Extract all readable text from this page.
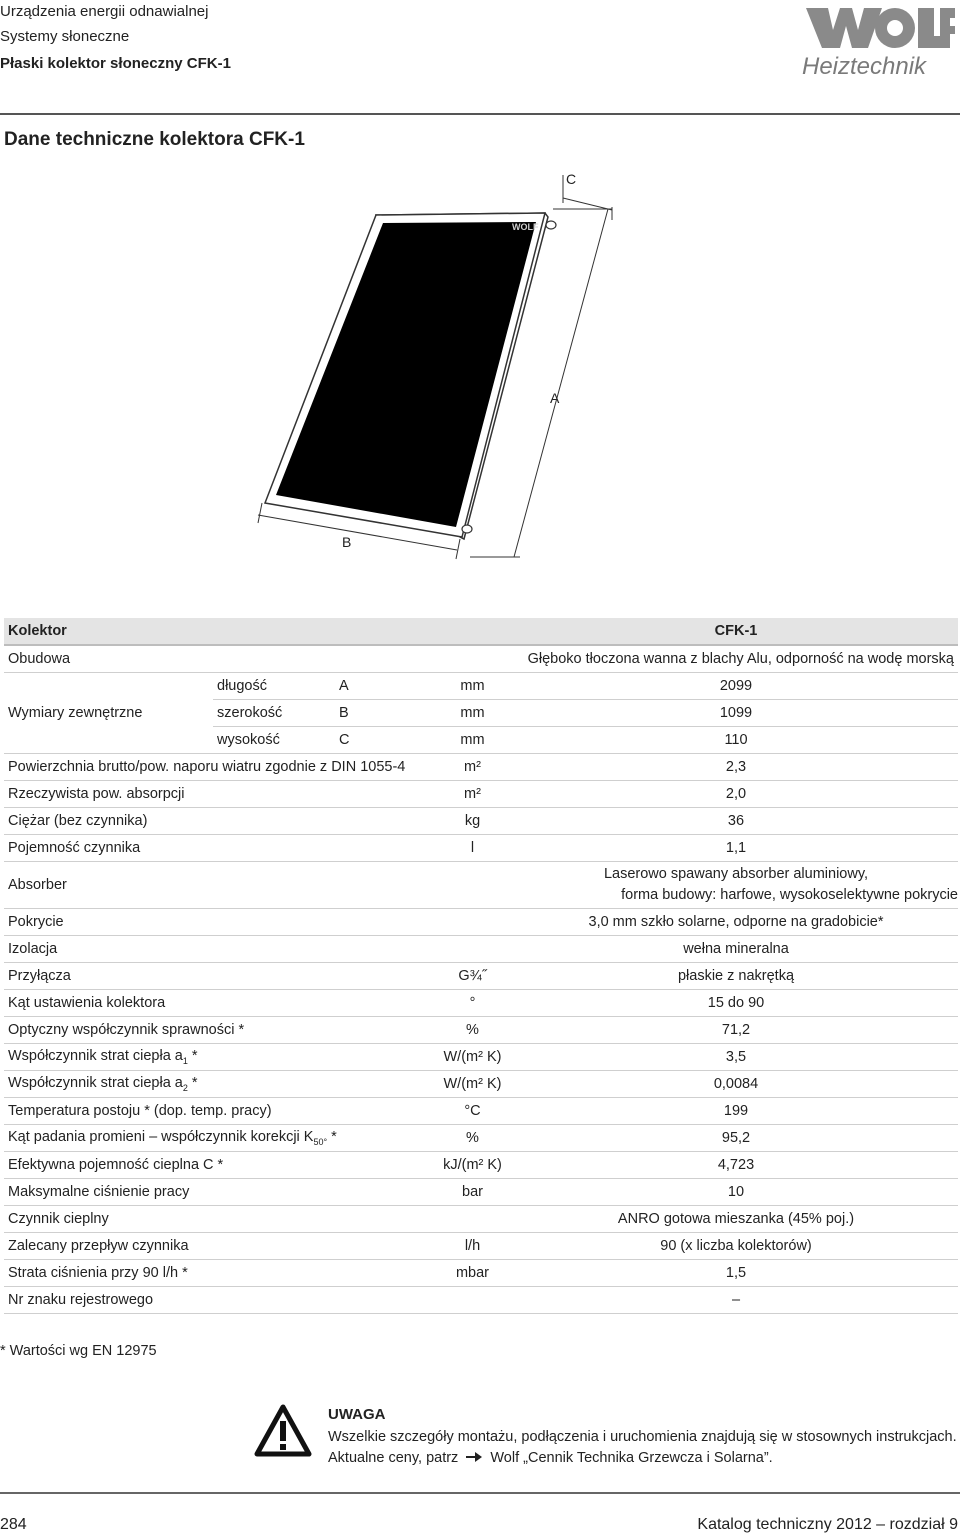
Urządzenia energii odnawialnej
Systemy słoneczne
Płaski kolektor słoneczny CFK-1	Heiztechnik
Dane techniczne kolektora CFK-1
WOLF
C
A
B
Kolektor				CFK-1
Obudowa				Głęboko tłoczona wanna z blachy Alu, odporność na wodę morską
Wymiary zewnętrzne	długość	A	mm	2099
	szerokość	B	mm	1099
	wysokość	C	mm	110
Powierzchnia brutto/pow. naporu wiatru zgodnie z DIN 1055-4			m²	2,3
Rzeczywista pow. absorpcji			m²	2,0
Ciężar (bez czynnika)			kg	36
Pojemność czynnika			l	1,1
Absorber				Laserowo spawany absorber aluminiowy,
forma budowy: harfowe, wysokoselektywne pokrycie

Pokrycie				3,0 mm szkło solarne, odporne na gradobicie*
Izolacja				wełna mineralna
Przyłącza			G¾˝	płaskie z nakrętką
Kąt ustawienia kolektora			°	15 do 90
Optyczny współczynnik sprawności *			%	71,2
Współczynnik strat ciepła $a_1$ *			W/(m² K)	3,5
Współczynnik strat ciepła $a_2$ *			W/(m² K)	0,0084
Temperatura postoju * (dop. temp. pracy)			°C	199
Kąt padania promieni – współczynnik korekcji $K_{50^\circ}$ *			%	95,2
Efektywna pojemność cieplna C *			kJ/(m² K)	4,723
Maksymalne ciśnienie pracy			bar	10
Czynnik cieplny				ANRO gotowa mieszanka (45% poj.)
Zalecany przepływ czynnika			l/h	90 (x liczba kolektorów)
Strata ciśnienia przy 90 l/h *			mbar	1,5
Nr znaku rejestrowego				–
* Wartości wg EN 12975
UWAGA
Wszelkie szczegóły montażu, podłączenia i uruchomienia znajdują się w stosownych instrukcjach.
Aktualne ceny, patrz Wolf „Cennik Technika Grzewcza i Solarna”.
284	Katalog techniczny 2012 – rozdział 9
